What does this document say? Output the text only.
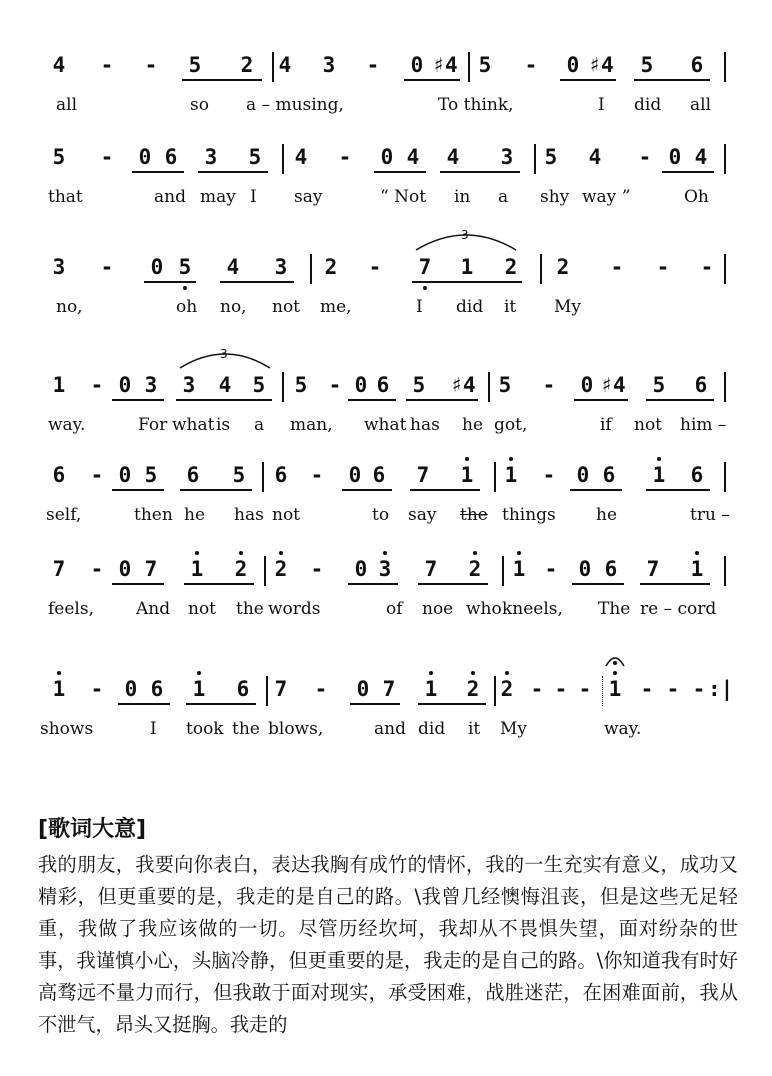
4 - - 5 2 4 3 - 0 ♯4 5 - 0 ♯4 5 6
all	so a – musing,	To think,	I did all
5 - 0 6 3 5 4 - 0 4 4 3 5 4 - 0 4
that	and may I say	“ Not in a shy way ”	Oh
3
3 - 0 5 4 3 2 - 7 1 2 2 - - -
no,	oh no, not me,	I did it My
3
1 - 0 3 3 4 5 5 - 0 6 5 ♯4 5 - 0 ♯4 5 6
way.	For what is a man, what has he got,	if not him –
6 - 0 5 6 5 6 - 0 6 7 1 1 - 0 6 1 6
self,	then he has not	to say the things he	tru –
7 - 0 7 1 2 2 - 0 3 7 2 1 - 0 6 7 1
feels, And not the words	of noe who kneels, The re – cord
1 - 0 6 1 6 7 - 0 7 1 2 2 - - - 1 - - - :|
shows	I took the blows,	and did it My	way.
[歌词大意]

我的朋友，我要向你表白，表达我胸有成竹的情怀，我的一生充实有意义，成功又精彩，但更重要的是，我走的是自己的路。\我曾几经懊悔沮丧，但是这些无足轻重，我做了我应该做的一切。尽管历经坎坷，我却从不畏惧失望，面对纷杂的世事，我谨慎小心，头脑冷静，但更重要的是，我走的是自己的路。\你知道我有时好高骛远不量力而行，但我敢于面对现实，承受困难，战胜迷茫，在困难面前，我从不泄气，昂头又挺胸。我走的
